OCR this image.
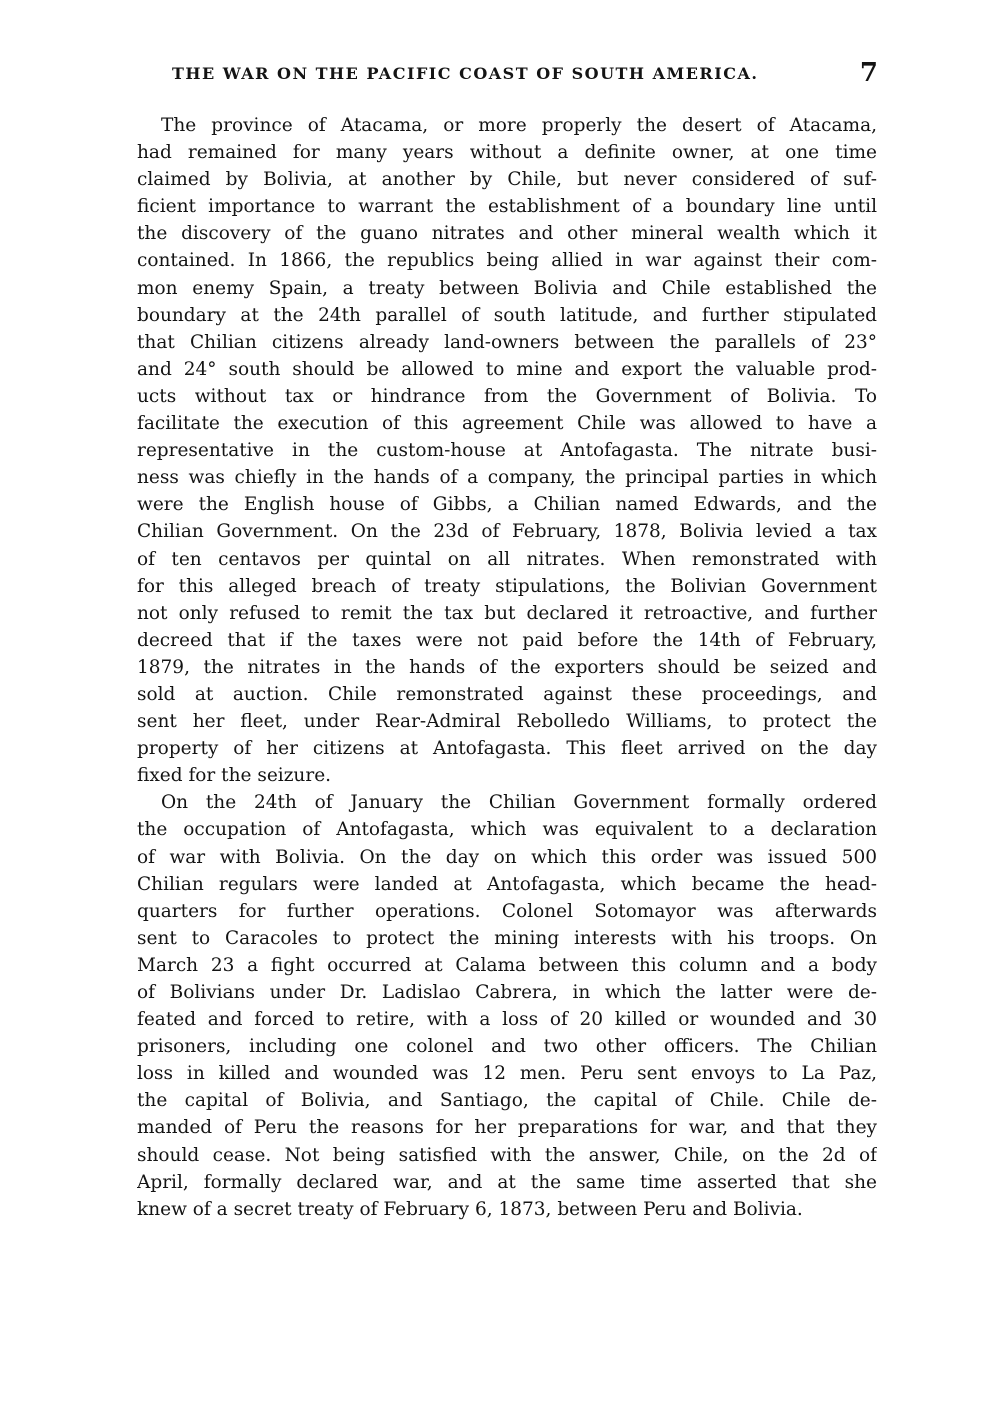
THE WAR ON THE PACIFIC COAST OF SOUTH AMERICA.	7
The province of Atacama, or more properly the desert of Atacama,
had remained for many years without a definite owner, at one time
claimed by Bolivia, at another by Chile, but never considered of suf-
ficient importance to warrant the establishment of a boundary line until
the discovery of the guano nitrates and other mineral wealth which it
contained. In 1866, the republics being allied in war against their com-
mon enemy Spain, a treaty between Bolivia and Chile established the
boundary at the 24th parallel of south latitude, and further stipulated
that Chilian citizens already land-owners between the parallels of 23°
and 24° south should be allowed to mine and export the valuable prod-
ucts without tax or hindrance from the Government of Bolivia. To
facilitate the execution of this agreement Chile was allowed to have a
representative in the custom-house at Antofagasta. The nitrate busi-
ness was chiefly in the hands of a company, the principal parties in which
were the English house of Gibbs, a Chilian named Edwards, and the
Chilian Government. On the 23d of February, 1878, Bolivia levied a tax
of ten centavos per quintal on all nitrates. When remonstrated with
for this alleged breach of treaty stipulations, the Bolivian Government
not only refused to remit the tax but declared it retroactive, and further
decreed that if the taxes were not paid before the 14th of February,
1879, the nitrates in the hands of the exporters should be seized and
sold at auction. Chile remonstrated against these proceedings, and
sent her fleet, under Rear-Admiral Rebolledo Williams, to protect the
property of her citizens at Antofagasta. This fleet arrived on the day
fixed for the seizure.
On the 24th of January the Chilian Government formally ordered
the occupation of Antofagasta, which was equivalent to a declaration
of war with Bolivia. On the day on which this order was issued 500
Chilian regulars were landed at Antofagasta, which became the head-
quarters for further operations. Colonel Sotomayor was afterwards
sent to Caracoles to protect the mining interests with his troops. On
March 23 a fight occurred at Calama between this column and a body
of Bolivians under Dr. Ladislao Cabrera, in which the latter were de-
feated and forced to retire, with a loss of 20 killed or wounded and 30
prisoners, including one colonel and two other officers. The Chilian
loss in killed and wounded was 12 men. Peru sent envoys to La Paz,
the capital of Bolivia, and Santiago, the capital of Chile. Chile de-
manded of Peru the reasons for her preparations for war, and that they
should cease. Not being satisfied with the answer, Chile, on the 2d of
April, formally declared war, and at the same time asserted that she
knew of a secret treaty of February 6, 1873, between Peru and Bolivia.
